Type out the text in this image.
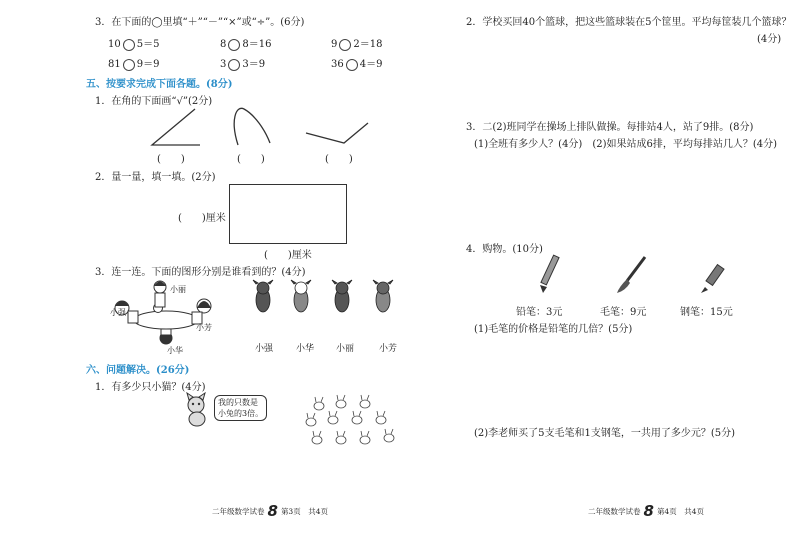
3．在下面的◯里填“＋”“－”“×”或“÷”。(6分)
10 5＝5	8 8＝16	9 2＝18
81 9＝9	3 3＝9	36 4＝9
五、按要求完成下面各题。(8分)
1．在角的下面画“√”(2分)
(　　)	(　　)	(　　)
2．量一量，填一填。(2分)
(　　)厘米
(　　)厘米
3．连一连。下面的图形分别是谁看到的？(4分)
小丽
小强
小芳
小华	小强	小华 小丽	小芳
六、问题解决。(26分)
1．有多少只小猫？(4分)
我的只数是
小兔的3倍。
二年级数学试卷 8 第3页　共4页
2．学校买回40个篮球，把这些篮球装在5个筐里。平均每筐装几个篮球？
(4分)
3．二(2)班同学在操场上排队做操。每排站4人，站了9排。(8分)
(1)全班有多少人？(4分)　(2)如果站成6排，平均每排站几人？(4分)
4．购物。(10分)
铅笔：3元	毛笔：9元	钢笔：15元
(1)毛笔的价格是铅笔的几倍？(5分)
(2)李老师买了5支毛笔和1支钢笔，一共用了多少元？(5分)
二年级数学试卷 8 第4页　共4页
